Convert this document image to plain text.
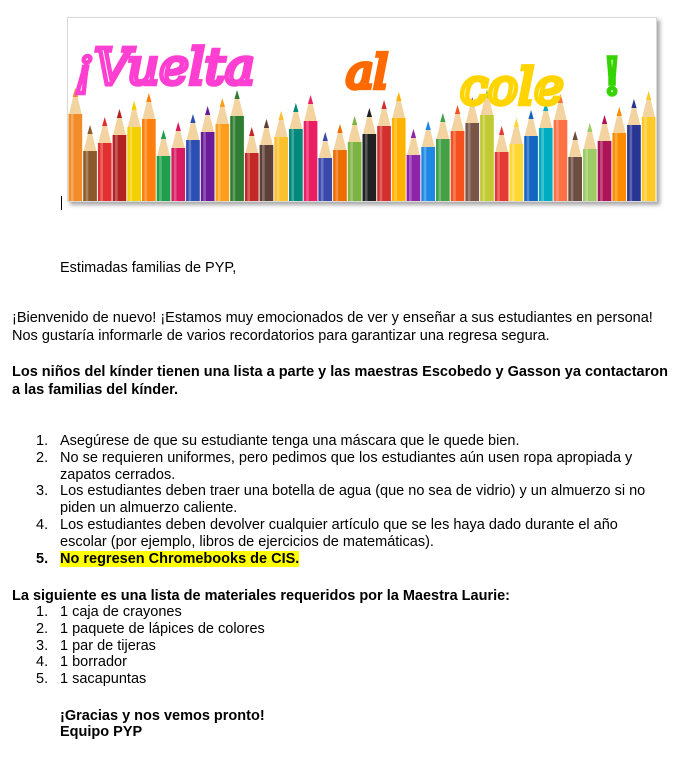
¡Vuelta al cole !
Estimadas familias de PYP,

¡Bienvenido de nuevo! ¡Estamos muy emocionados de ver y enseñar a sus estudiantes en persona! Nos gustaría informarle de varios recordatorios para garantizar una regresa segura.

Los niños del kínder tienen una lista a parte y las maestras Escobedo y Gasson ya contactaron a las familias del kínder.

1. Asegúrese de que su estudiante tenga una máscara que le quede bien.
2. No se requieren uniformes, pero pedimos que los estudiantes aún usen ropa apropiada y zapatos cerrados.
3. Los estudiantes deben traer una botella de agua (que no sea de vidrio) y un almuerzo si no piden un almuerzo caliente.
4. Los estudiantes deben devolver cualquier artículo que se les haya dado durante el año escolar (por ejemplo, libros de ejercicios de matemáticas).
5. No regresen Chromebooks de CIS.

La siguiente es una lista de materiales requeridos por la Maestra Laurie:

1. 1 caja de crayones
2. 1 paquete de lápices de colores
3. 1 par de tijeras
4. 1 borrador
5. 1 sacapuntas
¡Gracias y nos vemos pronto!
Equipo PYP
